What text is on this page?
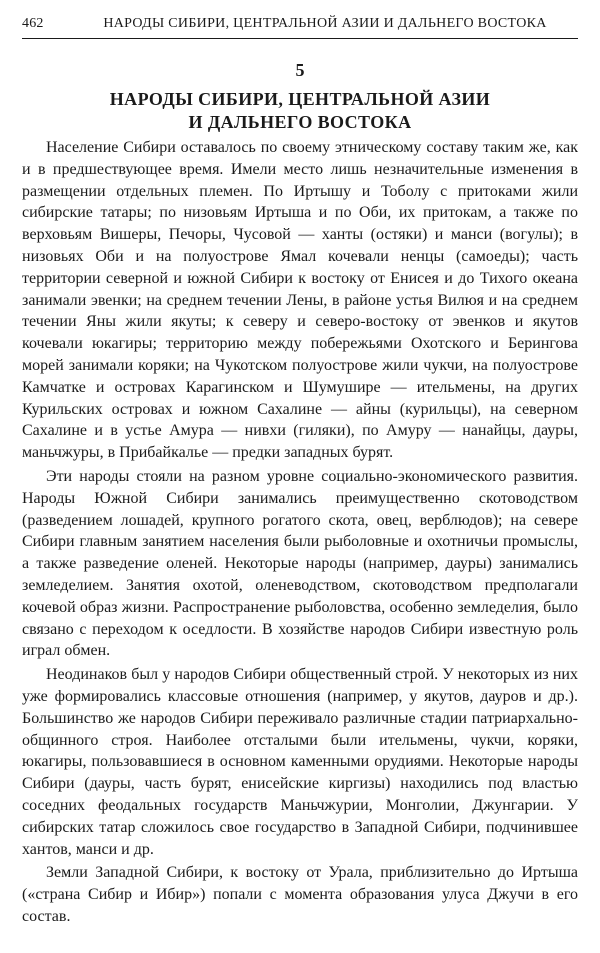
462	НАРОДЫ СИБИРИ, ЦЕНТРАЛЬНОЙ АЗИИ И ДАЛЬНЕГО ВОСТОКА
5
НАРОДЫ СИБИРИ, ЦЕНТРАЛЬНОЙ АЗИИ
И ДАЛЬНЕГО ВОСТОКА

Население Сибири оставалось по своему этническому составу таким же, как и в предшествующее время. Имели место лишь незначительные изменения в размещении отдельных племен. По Иртышу и Тоболу с притоками жили сибирские татары; по низовьям Иртыша и по Оби, их притокам, а также по верховьям Вишеры, Печоры, Чусовой — ханты (остяки) и манси (вогулы); в низовьях Оби и на полуострове Ямал кочевали ненцы (самоеды); часть территории северной и южной Сибири к востоку от Енисея и до Тихого океана занимали эвенки; на среднем течении Лены, в районе устья Вилюя и на среднем течении Яны жили якуты; к северу и северо-востоку от эвенков и якутов кочевали юкагиры; территорию между побережьями Охотского и Берингова морей занимали коряки; на Чукотском полуострове жили чукчи, на полуострове Камчатке и островах Карагинском и Шумушире — ительмены, на других Курильских островах и южном Сахалине — айны (курильцы), на северном Сахалине и в устье Амура — нивхи (гиляки), по Амуру — нанайцы, дауры, маньчжуры, в Прибайкалье — предки западных бурят.

Эти народы стояли на разном уровне социально-экономического развития. Народы Южной Сибири занимались преимущественно скотоводством (разведением лошадей, крупного рогатого скота, овец, верблюдов); на севере Сибири главным занятием населения были рыболовные и охотничьи промыслы, а также разведение оленей. Некоторые народы (например, дауры) занимались земледелием. Занятия охотой, оленеводством, скотоводством предполагали кочевой образ жизни. Распространение рыболовства, особенно земледелия, было связано с переходом к оседлости. В хозяйстве народов Сибири известную роль играл обмен.

Неодинаков был у народов Сибири общественный строй. У некоторых из них уже формировались классовые отношения (например, у якутов, дауров и др.). Большинство же народов Сибири переживало различные стадии патриархально-общинного строя. Наиболее отсталыми были ительмены, чукчи, коряки, юкагиры, пользовавшиеся в основном каменными орудиями. Некоторые народы Сибири (дауры, часть бурят, енисейские киргизы) находились под властью соседних феодальных государств Маньчжурии, Монголии, Джунгарии. У сибирских татар сложилось свое государство в Западной Сибири, подчинившее хантов, манси и др.

Земли Западной Сибири, к востоку от Урала, приблизительно до Иртыша («страна Сибир и Ибир») попали с момента образования улуса Джучи в его состав.
